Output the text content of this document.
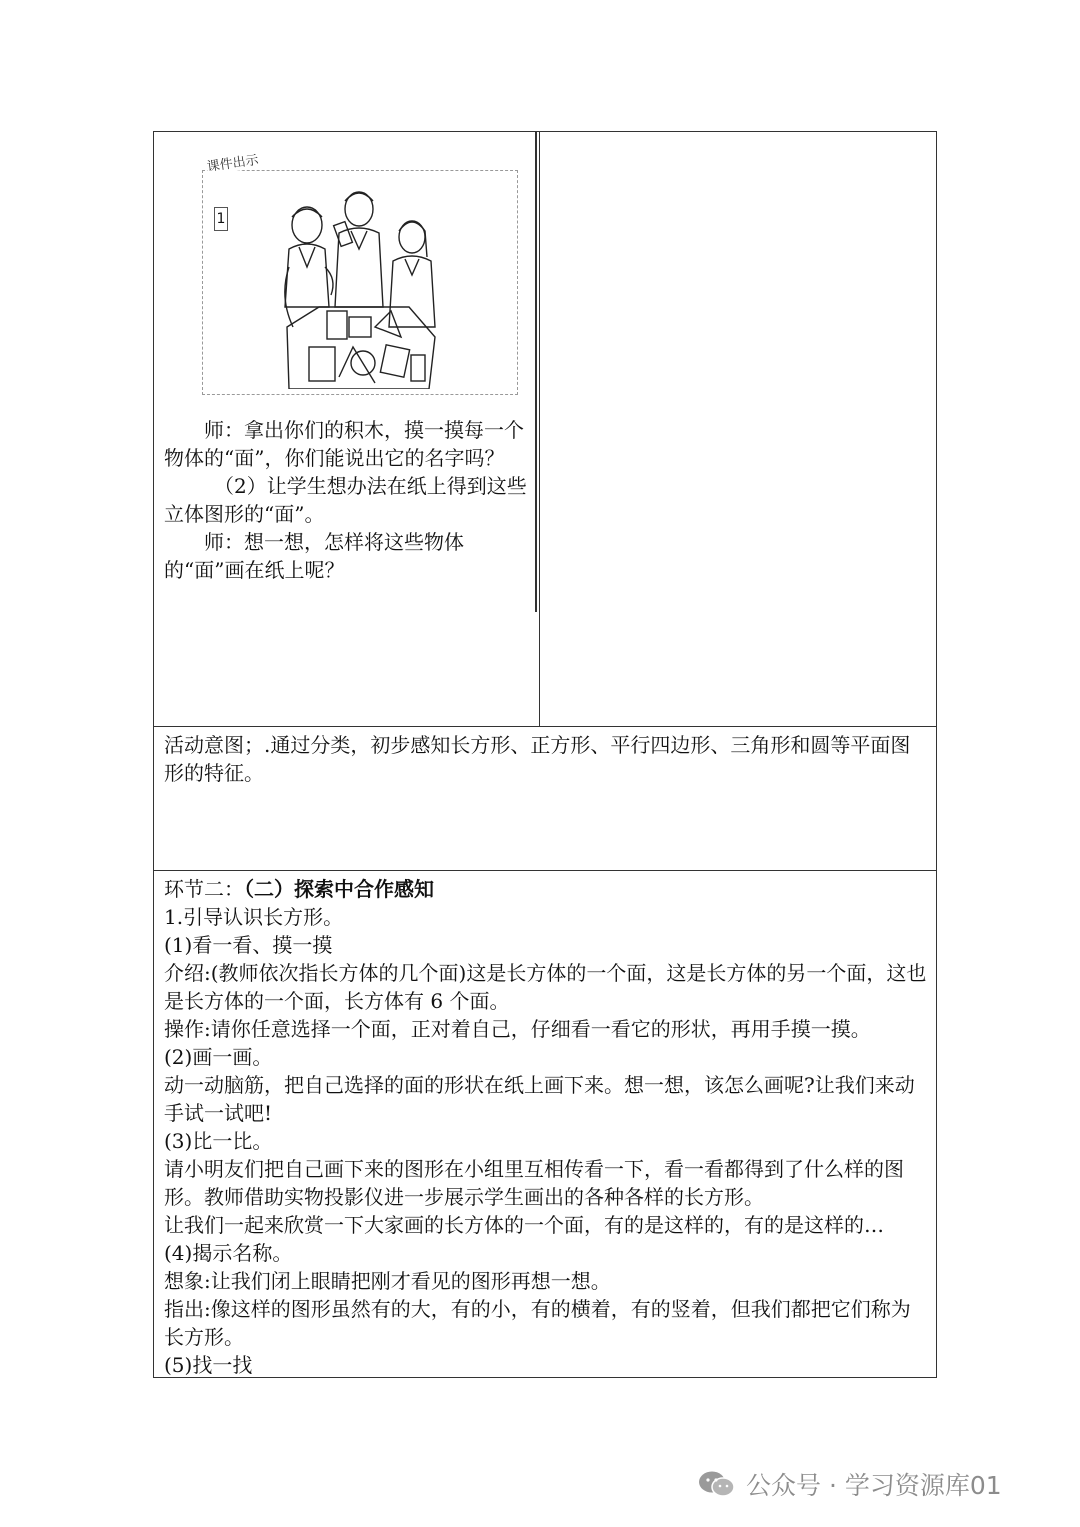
课件出示
1

师：拿出你们的积木，摸一摸每一个物体的“面”，你们能说出它的名字吗？

（2）让学生想办法在纸上得到这些立体图形的“面”。

师：想一想，怎样将这些物体的“面”画在纸上呢？

活动意图；.通过分类，初步感知长方形、正方形、平行四边形、三角形和圆等平面图形的特征。

环节二：（二）探索中合作感知

1.引导认识长方形。

(1)看一看、摸一摸

介绍:(教师依次指长方体的几个面)这是长方体的一个面，这是长方体的另一个面，这也是长方体的一个面，长方体有 6 个面。

操作:请你任意选择一个面，正对着自己，仔细看一看它的形状，再用手摸一摸。

(2)画一画。

动一动脑筋，把自己选择的面的形状在纸上画下来。想一想，该怎么画呢?让我们来动手试一试吧!

(3)比一比。

请小明友们把自己画下来的图形在小组里互相传看一下，看一看都得到了什么样的图形。教师借助实物投影仪进一步展示学生画出的各种各样的长方形。

让我们一起来欣赏一下大家画的长方体的一个面，有的是这样的，有的是这样的…

(4)揭示名称。

想象:让我们闭上眼睛把刚才看见的图形再想一想。

指出:像这样的图形虽然有的大，有的小，有的横着，有的竖着，但我们都把它们称为长方形。

(5)找一找

公众号 · 学习资源库01
